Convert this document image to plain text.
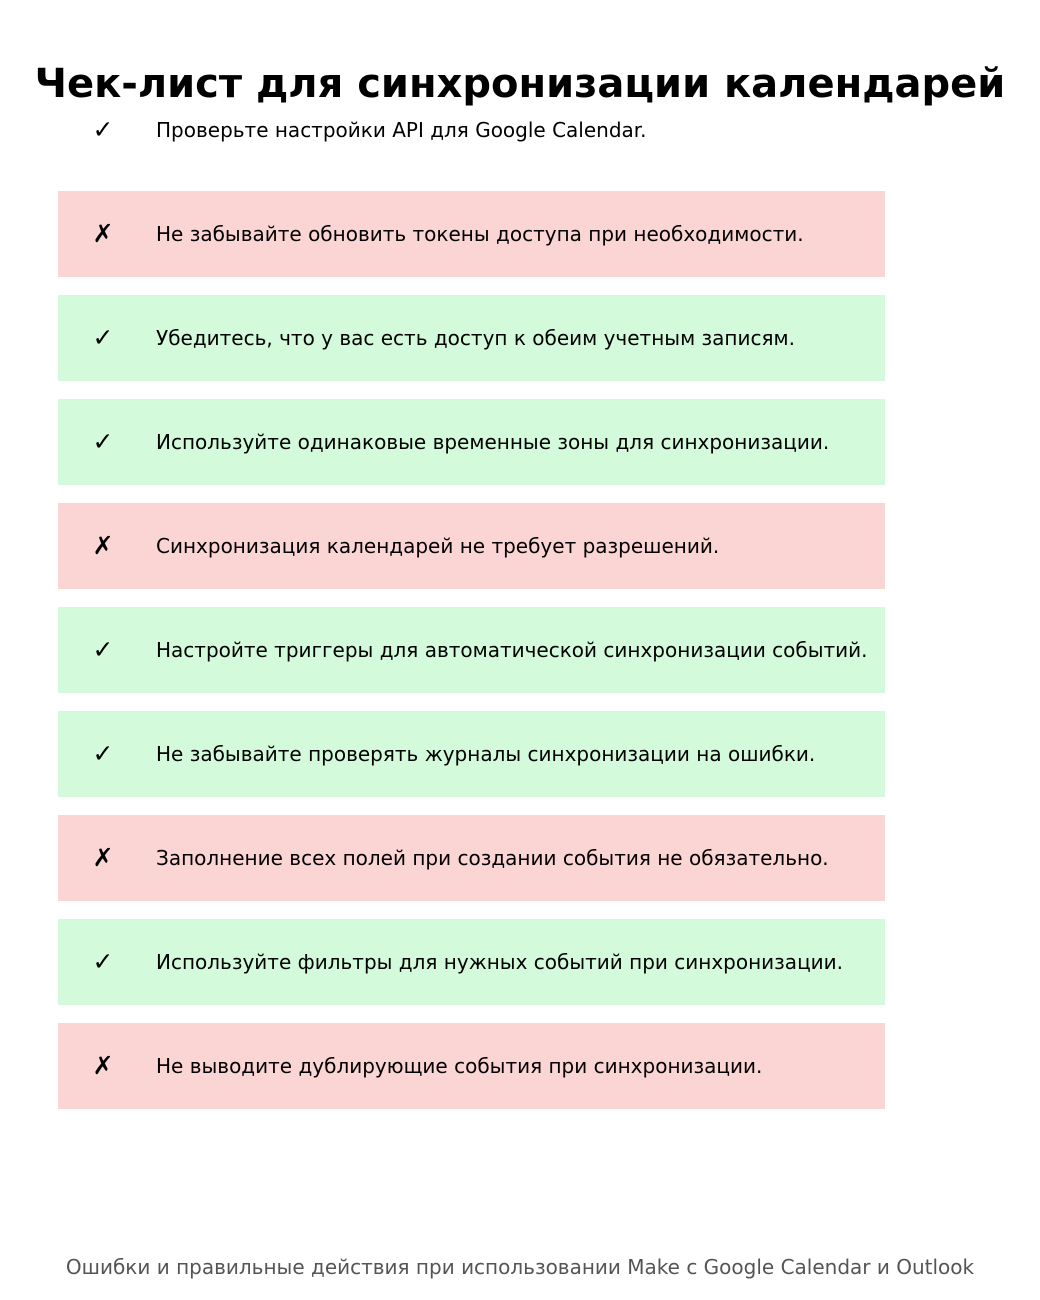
Чек-лист для синхронизации календарей
✓ Проверьте настройки API для Google Calendar.
✗ Не забывайте обновить токены доступа при необходимости.
✓ Убедитесь, что у вас есть доступ к обеим учетным записям.
✓ Используйте одинаковые временные зоны для синхронизации.
✗ Синхронизация календарей не требует разрешений.
✓ Настройте триггеры для автоматической синхронизации событий.
✓ Не забывайте проверять журналы синхронизации на ошибки.
✗ Заполнение всех полей при создании события не обязательно.
✓ Используйте фильтры для нужных событий при синхронизации.
✗ Не выводите дублирующие события при синхронизации.

Ошибки и правильные действия при использовании Make с Google Calendar и Outlook
